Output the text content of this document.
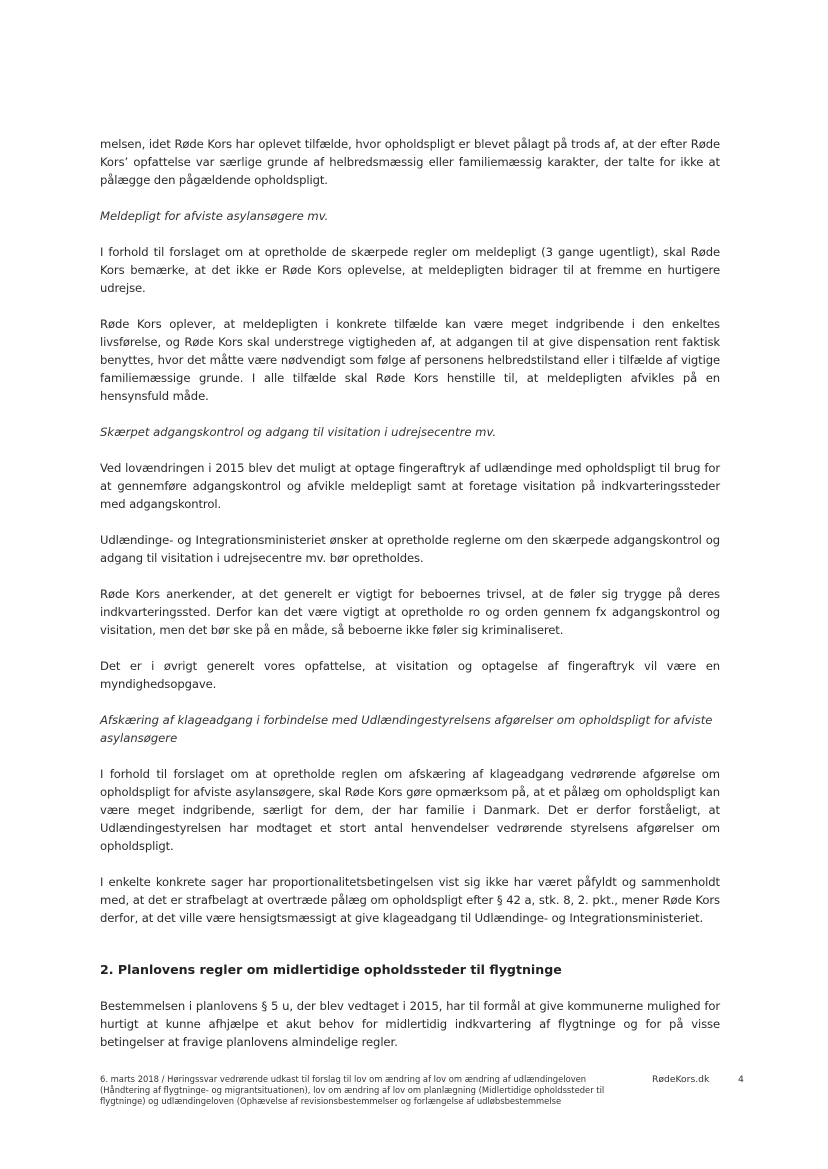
melsen, idet Røde Kors har oplevet tilfælde, hvor opholdspligt er blevet pålagt på trods af, at der efter Røde Kors’ opfattelse var særlige grunde af helbredsmæssig eller familiemæssig karakter, der talte for ikke at pålægge den pågældende opholdspligt.

Meldepligt for afviste asylansøgere mv.

I forhold til forslaget om at opretholde de skærpede regler om meldepligt (3 gange ugentligt), skal Røde Kors bemærke, at det ikke er Røde Kors oplevelse, at meldepligten bidrager til at fremme en hurtigere udrejse.

Røde Kors oplever, at meldepligten i konkrete tilfælde kan være meget indgribende i den enkeltes livsførelse, og Røde Kors skal understrege vigtigheden af, at adgangen til at give dispensation rent faktisk benyttes, hvor det måtte være nødvendigt som følge af personens helbredstilstand eller i tilfælde af vigtige familiemæssige grunde. I alle tilfælde skal Røde Kors henstille til, at meldepligten afvikles på en hensynsfuld måde.

Skærpet adgangskontrol og adgang til visitation i udrejsecentre mv.

Ved lovændringen i 2015 blev det muligt at optage fingeraftryk af udlændinge med opholdspligt til brug for at gennemføre adgangskontrol og afvikle meldepligt samt at foretage visitation på indkvarteringssteder med adgangskontrol.

Udlændinge- og Integrationsministeriet ønsker at opretholde reglerne om den skærpede adgangskontrol og adgang til visitation i udrejsecentre mv. bør opretholdes.

Røde Kors anerkender, at det generelt er vigtigt for beboernes trivsel, at de føler sig trygge på deres indkvarteringssted. Derfor kan det være vigtigt at opretholde ro og orden gennem fx adgangskontrol og visitation, men det bør ske på en måde, så beboerne ikke føler sig kriminaliseret.

Det er i øvrigt generelt vores opfattelse, at visitation og optagelse af fingeraftryk vil være en myndighedsopgave.

Afskæring af klageadgang i forbindelse med Udlændingestyrelsens afgørelser om opholdspligt for afviste asylansøgere

I forhold til forslaget om at opretholde reglen om afskæring af klageadgang vedrørende afgørelse om opholdspligt for afviste asylansøgere, skal Røde Kors gøre opmærksom på, at et pålæg om opholdspligt kan være meget indgribende, særligt for dem, der har familie i Danmark. Det er derfor forståeligt, at Udlændingestyrelsen har modtaget et stort antal henvendelser vedrørende styrelsens afgørelser om opholdspligt.

I enkelte konkrete sager har proportionalitetsbetingelsen vist sig ikke har været påfyldt og sammenholdt med, at det er strafbelagt at overtræde pålæg om opholdspligt efter § 42 a, stk. 8, 2. pkt., mener Røde Kors derfor, at det ville være hensigtsmæssigt at give klageadgang til Udlændinge- og Integrationsministeriet.

2. Planlovens regler om midlertidige opholdssteder til flygtninge

Bestemmelsen i planlovens § 5 u, der blev vedtaget i 2015, har til formål at give kommunerne mulighed for hurtigt at kunne afhjælpe et akut behov for midlertidig indkvartering af flygtninge og for på visse betingelser at fravige planlovens almindelige regler.

6. marts 2018 / Høringssvar vedrørende udkast til forslag til lov om ændring af lov om ændring af udlændingeloven (Håndtering af flygtninge- og migrantsituationen), lov om ændring af lov om planlægning (Midlertidige opholdssteder til flygtninge) og udlændingeloven (Ophævelse af revisionsbestemmelser og forlængelse af udløbsbestemmelse
RødeKors.dk	4
